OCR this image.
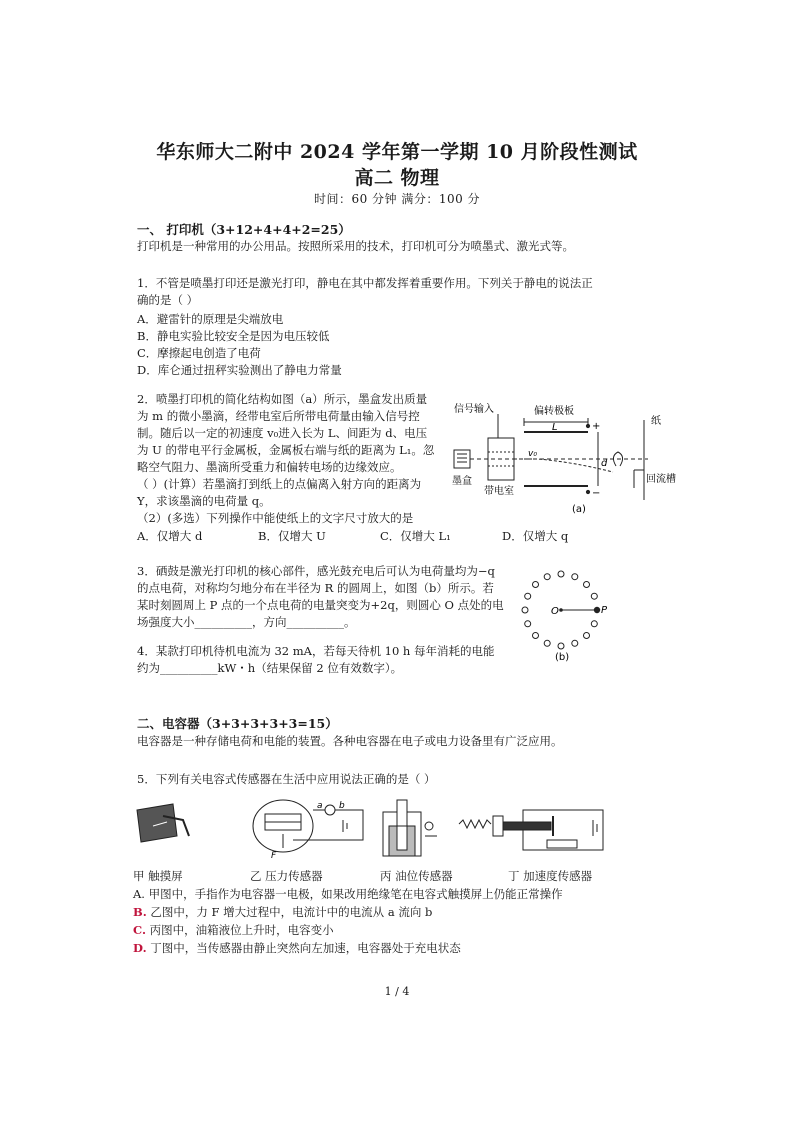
华东师大二附中 2024 学年第一学期 10 月阶段性测试
高二 物理
时间：60 分钟 满分：100 分
一、 打印机（3+12+4+4+2=25）
打印机是一种常用的办公用品。按照所采用的技术，打印机可分为喷墨式、激光式等。
1．不管是喷墨打印还是激光打印，静电在其中都发挥着重要作用。下列关于静电的说法正
确的是（ ）
A．避雷针的原理是尖端放电
B．静电实验比较安全是因为电压较低
C．摩擦起电创造了电荷
D．库仑通过扭秤实验测出了静电力常量
2．喷墨打印机的简化结构如图（a）所示，墨盒发出质量
为 m 的微小墨滴，经带电室后所带电荷量由输入信号控
制。随后以一定的初速度 v₀进入长为 L、间距为 d、电压
为 U 的带电平行金属板，金属板右端与纸的距离为 L₁。忽
略空气阻力、墨滴所受重力和偏转电场的边缘效应。
（ ）(计算）若墨滴打到纸上的点偏离入射方向的距离为
Y，求该墨滴的电荷量 q。
（2）(多选）下列操作中能使纸上的文字尺寸放大的是
A．仅增大 d	B．仅增大 U	C．仅增大 L₁	D．仅增大 q
信号输入	偏转极板
+
L
纸
v₀
d
回流槽
墨盒
带电室	−
(a)
3．硒鼓是激光打印机的核心部件，感光鼓充电后可认为电荷量均为−q
的点电荷，对称均匀地分布在半径为 R 的圆周上，如图（b）所示。若
某时刻圆周上 P 点的一个点电荷的电量突变为+2q，则圆心 O 点处的电
场强度大小__________，方向__________。
O	P
(b)
4．某款打印机待机电流为 32 mA，若每天待机 10 h 每年消耗的电能
约为__________kW・h（结果保留 2 位有效数字）。
二、电容器（3+3+3+3+3=15）
电容器是一种存储电荷和电能的装置。各种电容器在电子或电力设备里有广泛应用。
5．下列有关电容式传感器在生活中应用说法正确的是（ ）
a b
F
甲 触摸屏	乙 压力传感器	丙 油位传感器	丁 加速度传感器
A. 甲图中，手指作为电容器一电极，如果改用绝缘笔在电容式触摸屏上仍能正常操作
B. 乙图中，力 F 增大过程中，电流计中的电流从 a 流向 b
C. 丙图中，油箱液位上升时，电容变小
D. 丁图中，当传感器由静止突然向左加速，电容器处于充电状态
1 / 4
